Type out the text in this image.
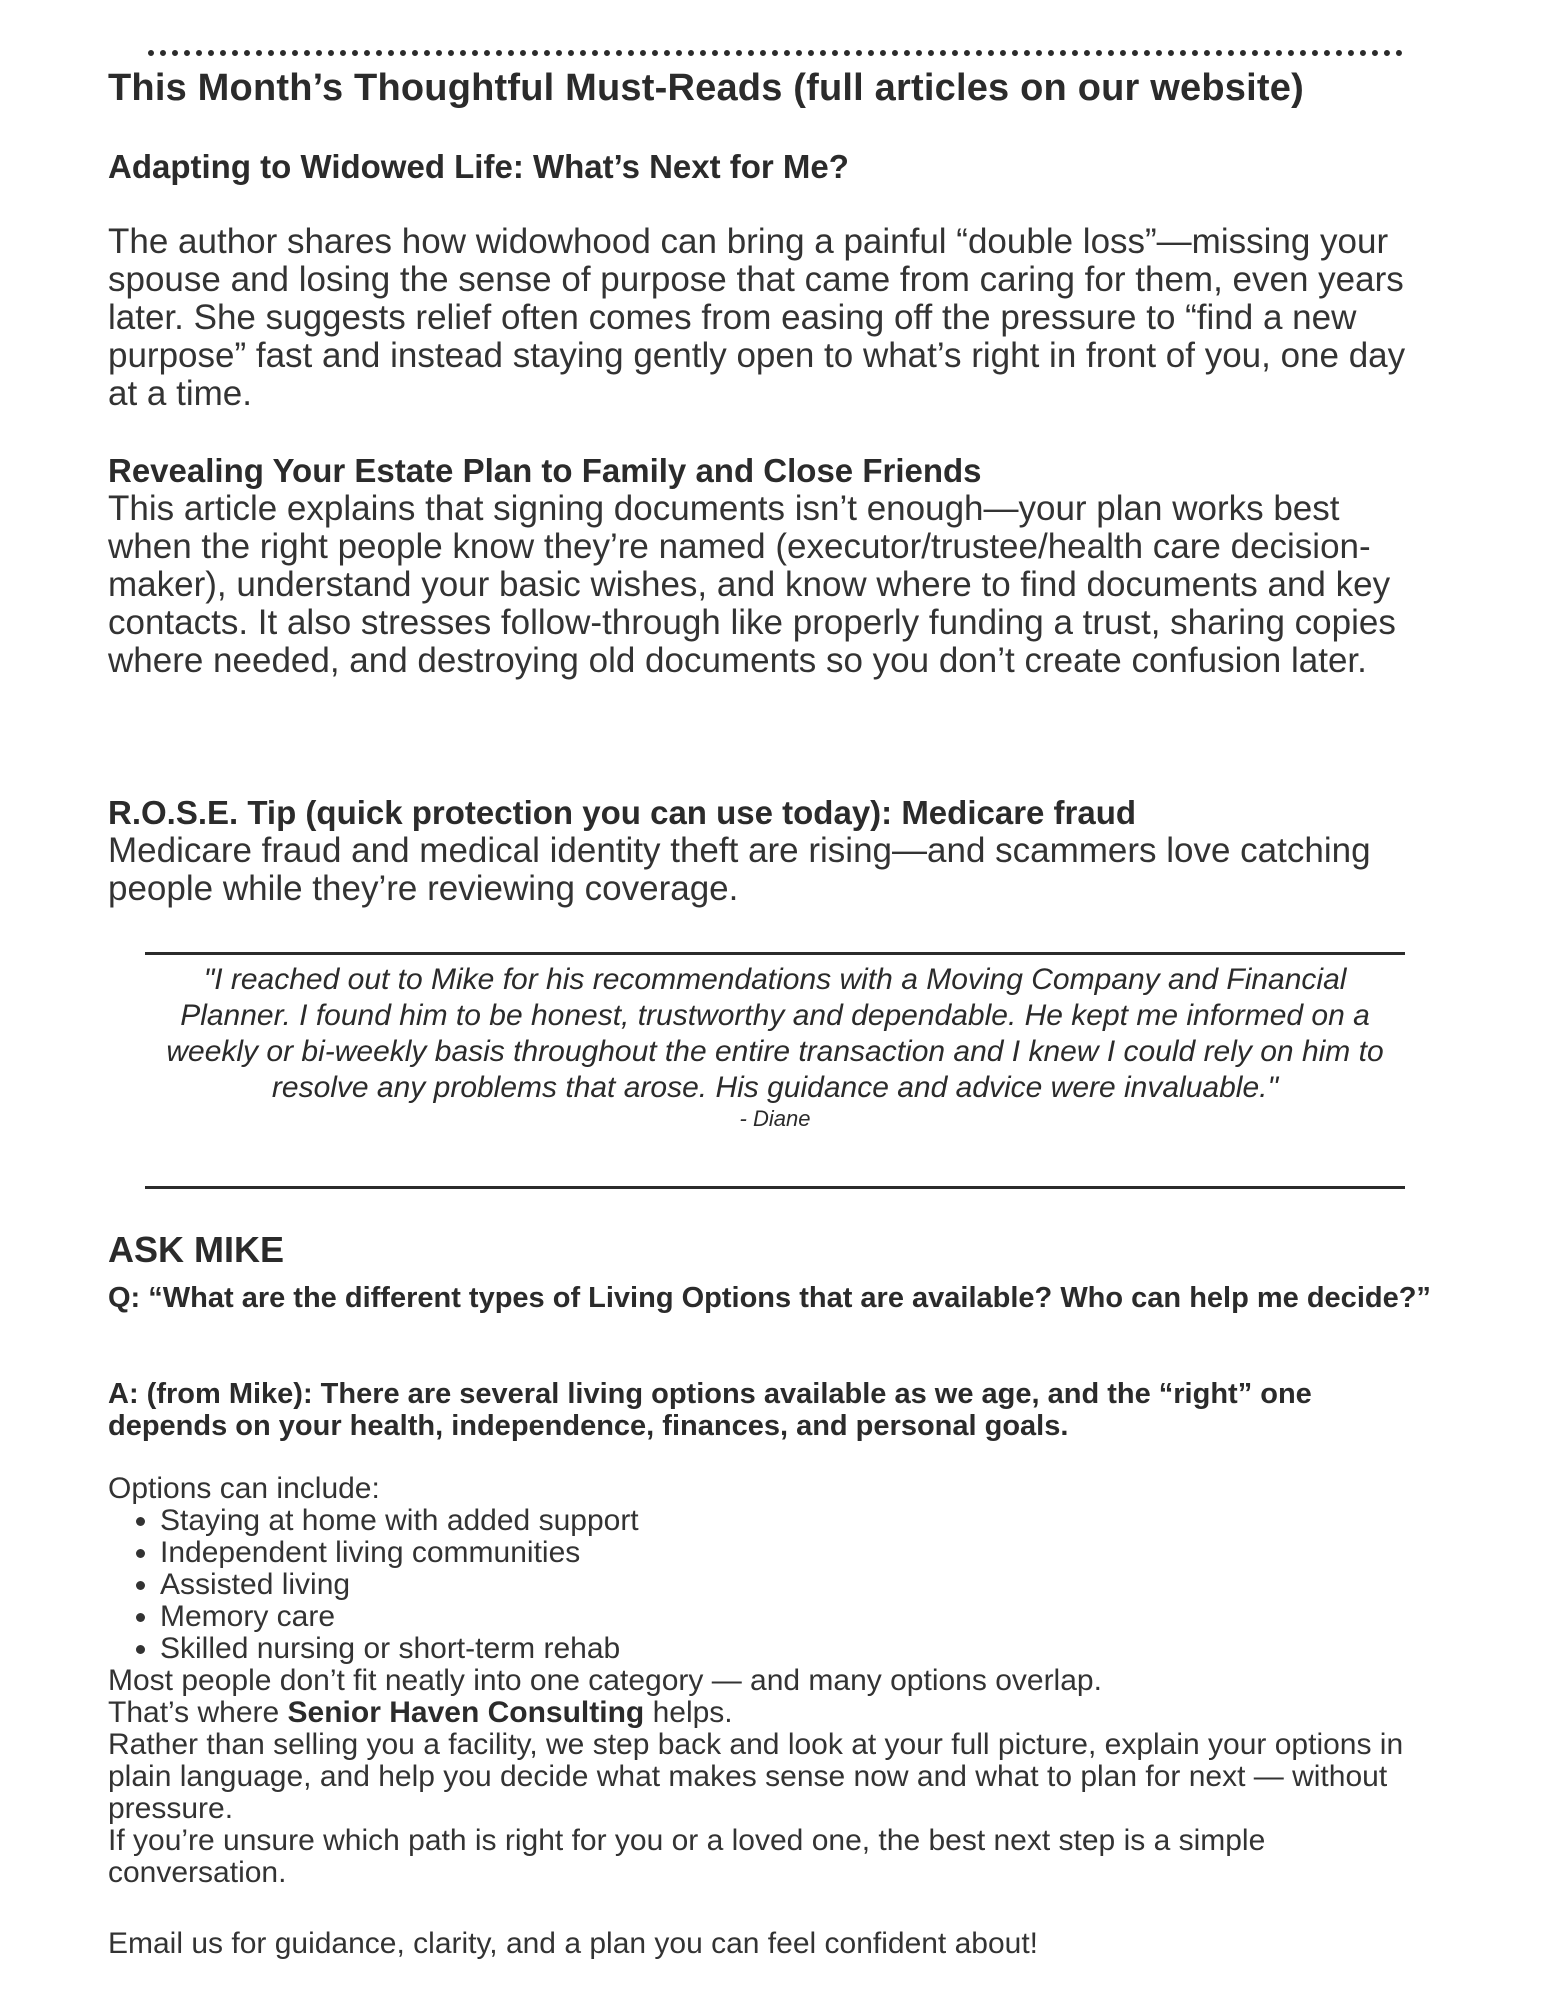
This Month’s Thoughtful Must-Reads (full articles on our website)
Adapting to Widowed Life: What’s Next for Me?

The author shares how widowhood can bring a painful “double loss”—missing your spouse and losing the sense of purpose that came from caring for them, even years later. She suggests relief often comes from easing off the pressure to “find a new purpose” fast and instead staying gently open to what’s right in front of you, one day at a time.

Revealing Your Estate Plan to Family and Close Friends

This article explains that signing documents isn’t enough—your plan works best when the right people know they’re named (executor/trustee/health care decision-maker), understand your basic wishes, and know where to find documents and key contacts. It also stresses follow-through like properly funding a trust, sharing copies where needed, and destroying old documents so you don’t create confusion later.

R.O.S.E. Tip (quick protection you can use today): Medicare fraud

Medicare fraud and medical identity theft are rising—and scammers love catching people while they’re reviewing coverage.

"I reached out to Mike for his recommendations with a Moving Company and Financial Planner. I found him to be honest, trustworthy and dependable. He kept me informed on a weekly or bi-weekly basis throughout the entire transaction and I knew I could rely on him to resolve any problems that arose. His guidance and advice were invaluable."

- Diane

ASK MIKE

Q: “What are the different types of Living Options that are available? Who can help me decide?”

A: (from Mike): There are several living options available as we age, and the “right” one depends on your health, independence, finances, and personal goals.

Options can include:

• Staying at home with added support
• Independent living communities
• Assisted living
• Memory care
• Skilled nursing or short-term rehab

Most people don’t fit neatly into one category — and many options overlap.

That’s where Senior Haven Consulting helps.

Rather than selling you a facility, we step back and look at your full picture, explain your options in plain language, and help you decide what makes sense now and what to plan for next — without pressure.

If you’re unsure which path is right for you or a loved one, the best next step is a simple conversation.

Email us for guidance, clarity, and a plan you can feel confident about!
